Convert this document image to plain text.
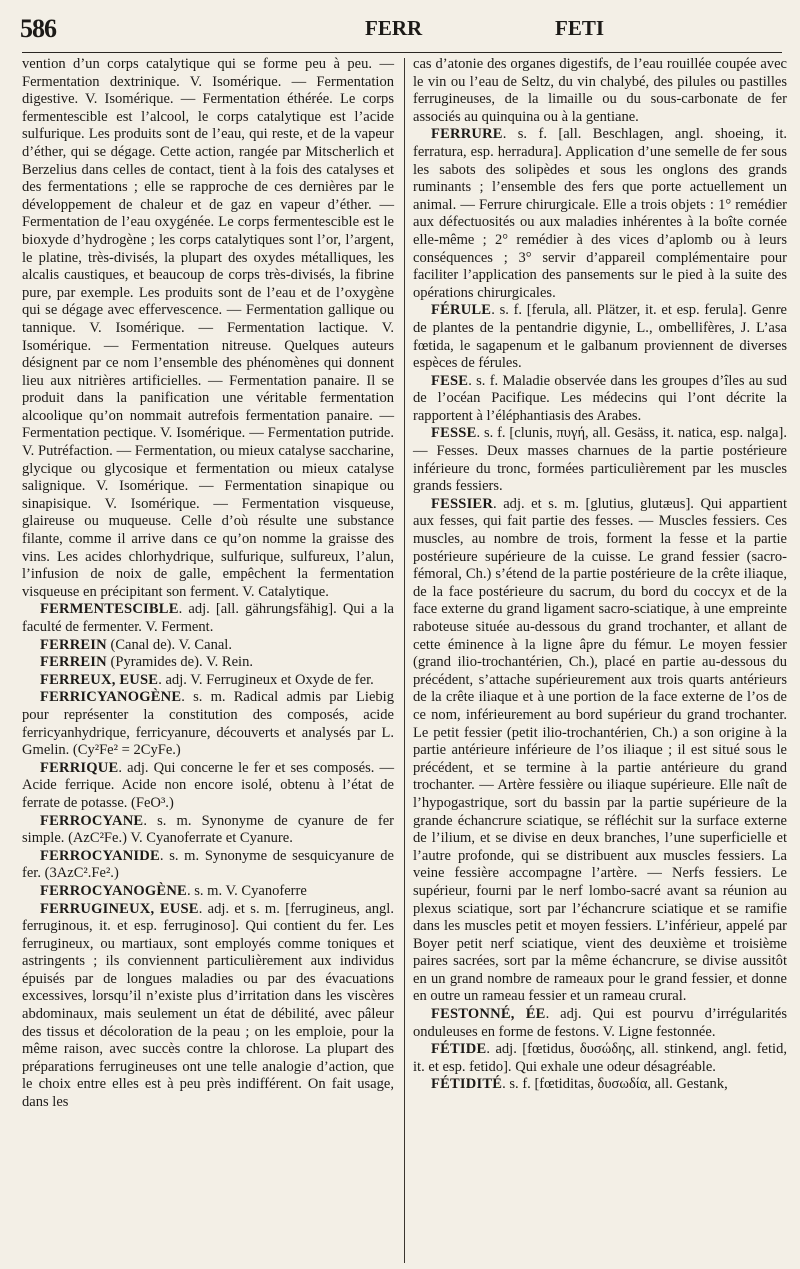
586	FERR	FETI

vention d’un corps catalytique qui se forme peu à peu. — Fermentation dextrinique. V. Isomérique. — Fermentation digestive. V. Isomérique. — Fermentation éthérée. Le corps fermentescible est l’alcool, le corps catalytique est l’acide sulfurique. Les produits sont de l’eau, qui reste, et de la vapeur d’éther, qui se dégage. Cette action, rangée par Mitscherlich et Berzelius dans celles de contact, tient à la fois des catalyses et des fermentations ; elle se rapproche de ces dernières par le développement de chaleur et de gaz en vapeur d’éther. — Fermentation de l’eau oxygénée. Le corps fermentescible est le bioxyde d’hydrogène ; les corps catalytiques sont l’or, l’argent, le platine, très-divisés, la plupart des oxydes métalliques, les alcalis caustiques, et beaucoup de corps très-divisés, la fibrine pure, par exemple. Les produits sont de l’eau et de l’oxygène qui se dégage avec effervescence. — Fermentation gallique ou tannique. V. Isomérique. — Fermentation lactique. V. Isomérique. — Fermentation nitreuse. Quelques auteurs désignent par ce nom l’ensemble des phénomènes qui donnent lieu aux nitrières artificielles. — Fermentation panaire. Il se produit dans la panification une véritable fermentation alcoolique qu’on nommait autrefois fermentation panaire. — Fermentation pectique. V. Isomérique. — Fermentation putride. V. Putréfaction. — Fermentation, ou mieux catalyse saccharine, glycique ou glycosique et fermentation ou mieux catalyse salignique. V. Isomérique. — Fermentation sinapique ou sinapisique. V. Isomérique. — Fermentation visqueuse, glaireuse ou muqueuse. Celle d’où résulte une substance filante, comme il arrive dans ce qu’on nomme la graisse des vins. Les acides chlorhydrique, sulfurique, sulfureux, l’alun, l’infusion de noix de galle, empêchent la fermentation visqueuse en précipitant son ferment. V. Catalytique.

FERMENTESCIBLE. adj. [all. gährungsfähig]. Qui a la faculté de fermenter. V. Ferment.

FERREIN (Canal de). V. Canal.

FERREIN (Pyramides de). V. Rein.

FERREUX, EUSE. adj. V. Ferrugineux et Oxyde de fer.

FERRICYANOGÈNE. s. m. Radical admis par Liebig pour représenter la constitution des composés, acide ferricyanhydrique, ferricyanure, découverts et analysés par L. Gmelin. (Cy²Fe² = 2CyFe.)

FERRIQUE. adj. Qui concerne le fer et ses composés. — Acide ferrique. Acide non encore isolé, obtenu à l’état de ferrate de potasse. (FeO³.)

FERROCYANE. s. m. Synonyme de cyanure de fer simple. (AzC²Fe.) V. Cyanoferrate et Cyanure.

FERROCYANIDE. s. m. Synonyme de sesquicyanure de fer. (3AzC².Fe².)

FERROCYANOGÈNE. s. m. V. Cyanoferre

FERRUGINEUX, EUSE. adj. et s. m. [ferrugineus, angl. ferruginous, it. et esp. ferruginoso]. Qui contient du fer. Les ferrugineux, ou martiaux, sont employés comme toniques et astringents ; ils conviennent particulièrement aux individus épuisés par de longues maladies ou par des évacuations excessives, lorsqu’il n’existe plus d’irritation dans les viscères abdominaux, mais seulement un état de débilité, avec pâleur des tissus et décoloration de la peau ; on les emploie, pour la même raison, avec succès contre la chlorose. La plupart des préparations ferrugineuses ont une telle analogie d’action, que le choix entre elles est à peu près indifférent. On fait usage, dans les

cas d’atonie des organes digestifs, de l’eau rouillée coupée avec le vin ou l’eau de Seltz, du vin chalybé, des pilules ou pastilles ferrugineuses, de la limaille ou du sous-carbonate de fer associés au quinquina ou à la gentiane.

FERRURE. s. f. [all. Beschlagen, angl. shoeing, it. ferratura, esp. herradura]. Application d’une semelle de fer sous les sabots des solipèdes et sous les onglons des grands ruminants ; l’ensemble des fers que porte actuellement un animal. — Ferrure chirurgicale. Elle a trois objets : 1° remédier aux défectuosités ou aux maladies inhérentes à la boîte cornée elle-même ; 2° remédier à des vices d’aplomb ou à leurs conséquences ; 3° servir d’appareil complémentaire pour faciliter l’application des pansements sur le pied à la suite des opérations chirurgicales.

FÉRULE. s. f. [ferula, all. Plätzer, it. et esp. ferula]. Genre de plantes de la pentandrie digynie, L., ombellifères, J. L’asa fœtida, le sagapenum et le galbanum proviennent de diverses espèces de férules.

FESE. s. f. Maladie observée dans les groupes d’îles au sud de l’océan Pacifique. Les médecins qui l’ont décrite la rapportent à l’éléphantiasis des Arabes.

FESSE. s. f. [clunis, πυγή, all. Gesäss, it. natica, esp. nalga]. — Fesses. Deux masses charnues de la partie postérieure inférieure du tronc, formées particulièrement par les muscles grands fessiers.

FESSIER. adj. et s. m. [glutius, glutæus]. Qui appartient aux fesses, qui fait partie des fesses. — Muscles fessiers. Ces muscles, au nombre de trois, forment la fesse et la partie postérieure supérieure de la cuisse. Le grand fessier (sacro-fémoral, Ch.) s’étend de la partie postérieure de la crête iliaque, de la face postérieure du sacrum, du bord du coccyx et de la face externe du grand ligament sacro-sciatique, à une empreinte raboteuse située au-dessous du grand trochanter, et allant de cette éminence à la ligne âpre du fémur. Le moyen fessier (grand ilio-trochantérien, Ch.), placé en partie au-dessous du précédent, s’attache supérieurement aux trois quarts antérieurs de la crête iliaque et à une portion de la face externe de l’os de ce nom, inférieurement au bord supérieur du grand trochanter. Le petit fessier (petit ilio-trochantérien, Ch.) a son origine à la partie antérieure inférieure de l’os iliaque ; il est situé sous le précédent, et se termine à la partie antérieure du grand trochanter. — Artère fessière ou iliaque supérieure. Elle naît de l’hypogastrique, sort du bassin par la partie supérieure de la grande échancrure sciatique, se réfléchit sur la surface externe de l’ilium, et se divise en deux branches, l’une superficielle et l’autre profonde, qui se distribuent aux muscles fessiers. La veine fessière accompagne l’artère. — Nerfs fessiers. Le supérieur, fourni par le nerf lombo-sacré avant sa réunion au plexus sciatique, sort par l’échancrure sciatique et se ramifie dans les muscles petit et moyen fessiers. L’inférieur, appelé par Boyer petit nerf sciatique, vient des deuxième et troisième paires sacrées, sort par la même échancrure, se divise aussitôt en un grand nombre de rameaux pour le grand fessier, et donne en outre un rameau fessier et un rameau crural.

FESTONNÉ, ÉE. adj. Qui est pourvu d’irrégularités onduleuses en forme de festons. V. Ligne festonnée.

FÉTIDE. adj. [fœtidus, δυσώδης, all. stinkend, angl. fetid, it. et esp. fetido]. Qui exhale une odeur désagréable.

FÉTIDITÉ. s. f. [fœtiditas, δυσωδία, all. Gestank,
